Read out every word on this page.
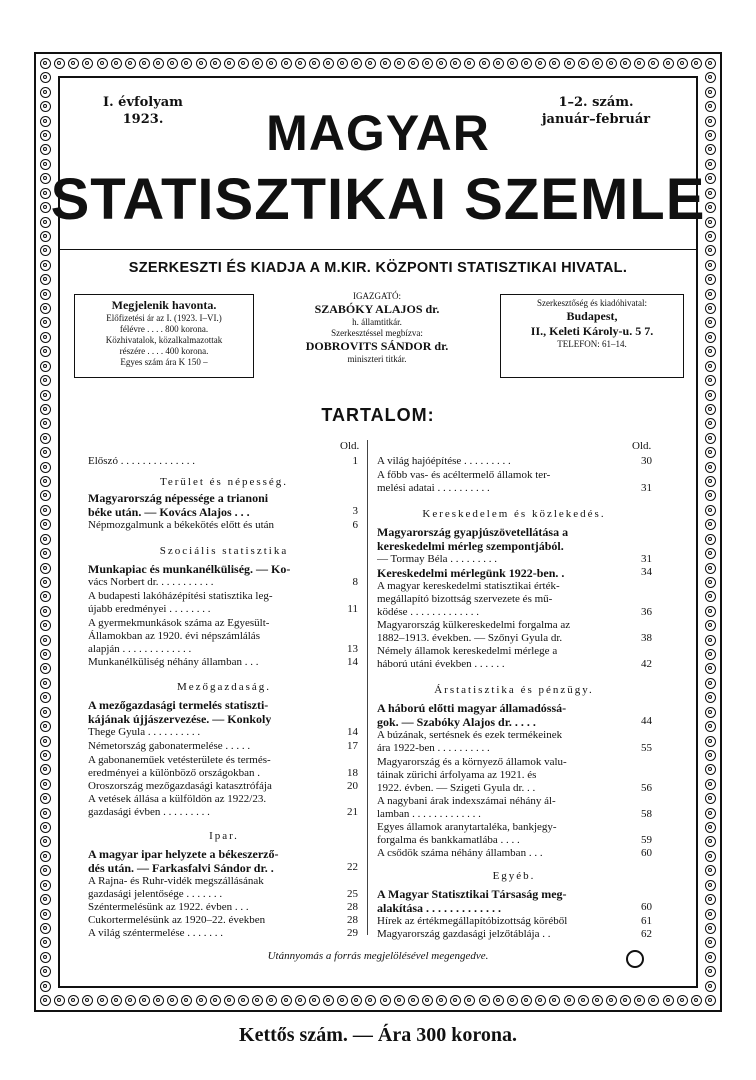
I. évfolyam
1923.
1–2. szám.
január–február
MAGYAR
STATISZTIKAI SZEMLE
SZERKESZTI ÉS KIADJA A M.KIR. KÖZPONTI STATISZTIKAI HIVATAL.
Megjelenik havonta.
Előfizetési ár az I. (1923. I–VI.)
félévre . . . . 800 korona.
Közhivatalok, közalkalmazottak
részére . . . . 400 korona.
Egyes szám ára K 150 –
IGAZGATÓ:
SZABÓKY ALAJOS dr.
h. államtitkár.
Szerkesztéssel megbízva:
DOBROVITS SÁNDOR dr.
miniszteri titkár.
Szerkesztőség és kiadóhivatal:
Budapest,
II., Keleti Károly-u. 5 7.
TELEFON: 61–14.
TARTALOM:
Old.	Old.
Előszó . . . . . . . . . . . . . .	1
Terület és népesség.
Magyarország népessége a trianoni
béke után. — Kovács Alajos . . .	3
Népmozgalmunk a békekötés előtt és után	6
Szociális statisztika
Munkapiac és munkanélküliség. — Ko-
vács Norbert dr. . . . . . . . . . .	8
A budapesti lakóházépítési statisztika leg-
újabb eredményei . . . . . . . .	11
A gyermekmunkások száma az Egyesült-
Államokban az 1920. évi népszámlálás
alapján . . . . . . . . . . . . .	13
Munkanélküliség néhány államban . . .	14
Mezőgazdaság.
A mezőgazdasági termelés statiszti-
kájának újjászervezése. — Konkoly
Thege Gyula . . . . . . . . . .	14
Németország gabonatermelése . . . . .	17
A gabonaneműek vetésterülete és termés-
eredményei a különböző országokban .	18
Oroszország mezőgazdasági katasztrófája	20
A vetések állása a külföldön az 1922/23.
gazdasági évben . . . . . . . . .	21
Ipar.
A magyar ipar helyzete a békeszerző-
dés után. — Farkasfalvi Sándor dr. .	22
A Rajna- és Ruhr-vidék megszállásának
gazdasági jelentősége . . . . . . .	25
Széntermelésünk az 1922. évben . . .	28
Cukortermelésünk az 1920–22. években	28
A világ széntermelése . . . . . . .	29
A világ hajóépítése . . . . . . . . .	30
A főbb vas- és acéltermelő államok ter-
melési adatai . . . . . . . . . .	31
Kereskedelem és közlekedés.
Magyarország gyapjúszövetellátása a
kereskedelmi mérleg szempontjából.
— Tormay Béla . . . . . . . . .	31
Kereskedelmi mérlegünk 1922-ben. .	34
A magyar kereskedelmi statisztikai érték-
megállapító bizottság szervezete és mű-
ködése . . . . . . . . . . . . .	36
Magyarország külkereskedelmi forgalma az
1882–1913. években. — Szőnyi Gyula dr.	38
Némely államok kereskedelmi mérlege a
háború utáni években . . . . . .	42
Árstatisztika és pénzügy.
A háború előtti magyar államadóssá-
gok. — Szabóky Alajos dr. . . . .	44
A búzának, sertésnek és ezek termékeinek
ára 1922-ben . . . . . . . . . .	55
Magyarország és a környező államok valu-
táinak zürichi árfolyama az 1921. és
1922. évben. — Szigeti Gyula dr. . .	56
A nagybani árak indexszámai néhány ál-
lamban . . . . . . . . . . . . .	58
Egyes államok aranytartaléka, bankjegy-
forgalma és bankkamatlába . . . .	59
A csődök száma néhány államban . . .	60
Egyéb.
A Magyar Statisztikai Társaság meg-
alakítása . . . . . . . . . . . . .	60
Hírek az értékmegállapítóbizottság köréből	61
Magyarország gazdasági jelzőtáblája . .	62
Utánnyomás a forrás megjelölésével megengedve.
Kettős szám. — Ára 300 korona.
